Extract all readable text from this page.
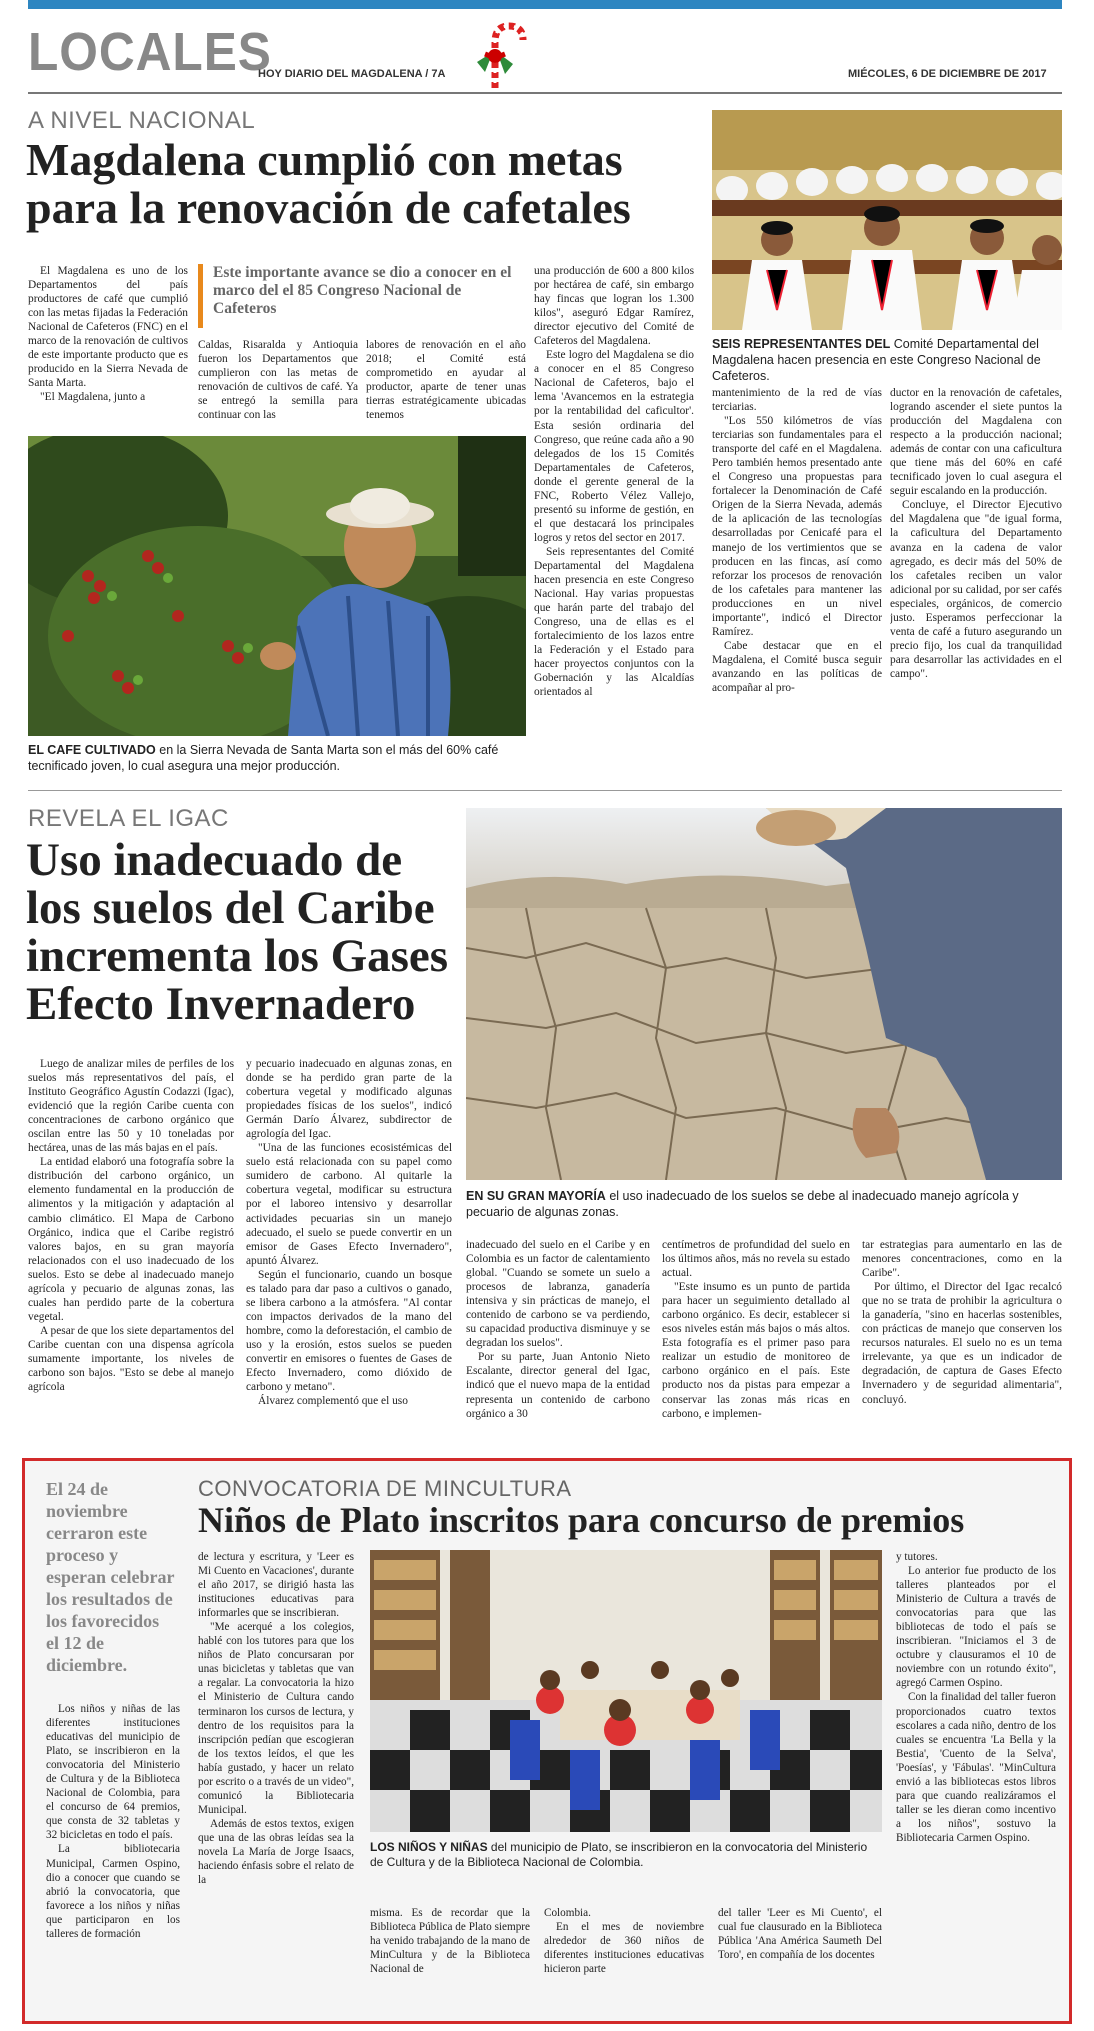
LOCALES
HOY DIARIO DEL MAGDALENA / 7A	MIÉCOLES, 6 DE DICIEMBRE DE 2017
A NIVEL NACIONAL
Magdalena cumplió con metas para la renovación de cafetales

El Magdalena es uno de los Departamentos del país productores de café que cumplió con las metas fijadas la Federación Nacional de Cafeteros (FNC) en el marco de la renovación de cultivos de este importante producto que es producido en la Sierra Nevada de Santa Marta.

"El Magdalena, junto a

Este importante avance se dio a conocer en el marco del el 85 Congreso Nacional de Cafeteros
Caldas, Risaralda y Antioquia fueron los Departamentos que cumplieron con las metas de renovación de cultivos de café. Ya se entregó la semilla para continuar con las
labores de renovación en el año 2018; el Comité está comprometido en ayudar al productor, aparte de tener unas tierras estratégicamente ubicadas tenemos

una producción de 600 a 800 kilos por hectárea de café, sin embargo hay fincas que logran los 1.300 kilos", aseguró Edgar Ramírez, director ejecutivo del Comité de Cafeteros del Magdalena.

Este logro del Magdalena se dio a conocer en el 85 Congreso Nacional de Cafeteros, bajo el lema 'Avancemos en la estrategia por la rentabilidad del caficultor'. Esta sesión ordinaria del Congreso, que reúne cada año a 90 delegados de los 15 Comités Departamentales de Cafeteros, donde el gerente general de la FNC, Roberto Vélez Vallejo, presentó su informe de gestión, en el que destacará los principales logros y retos del sector en 2017.

Seis representantes del Comité Departamental del Magdalena hacen presencia en este Congreso Nacional. Hay varias propuestas que harán parte del trabajo del Congreso, una de ellas es el fortalecimiento de los lazos entre la Federación y el Estado para hacer proyectos conjuntos con la Gobernación y las Alcaldías orientados al

EL CAFE CULTIVADO en la Sierra Nevada de Santa Marta son el más del 60% café tecnificado joven, lo cual asegura una mejor producción.
SEIS REPRESENTANTES DEL Comité Departamental del Magdalena hacen presencia en este Congreso Nacional de Cafeteros.

mantenimiento de la red de vías terciarias.

"Los 550 kilómetros de vías terciarias son fundamentales para el transporte del café en el Magdalena. Pero también hemos presentado ante el Congreso una propuestas para fortalecer la Denominación de Café Origen de la Sierra Nevada, además de la aplicación de las tecnologías desarrolladas por Cenicafé para el manejo de los vertimientos que se producen en las fincas, así como reforzar los procesos de renovación de los cafetales para mantener las producciones en un nivel importante", indicó el Director Ramírez.

Cabe destacar que en el Magdalena, el Comité busca seguir avanzando en las políticas de acompañar al pro-

ductor en la renovación de cafetales, logrando ascender el siete puntos la producción del Magdalena con respecto a la producción nacional; además de contar con una caficultura que tiene más del 60% en café tecnificado joven lo cual asegura el seguir escalando en la producción.

Concluye, el Director Ejecutivo del Magdalena que "de igual forma, la caficultura del Departamento avanza en la cadena de valor agregado, es decir más del 50% de los cafetales reciben un valor adicional por su calidad, por ser cafés especiales, orgánicos, de comercio justo. Esperamos perfeccionar la venta de café a futuro asegurando un precio fijo, los cual da tranquilidad para desarrollar las actividades en el campo".

REVELA EL IGAC
Uso inadecuado de los suelos del Caribe incrementa los Gases Efecto Invernadero
EN SU GRAN MAYORÍA el uso inadecuado de los suelos se debe al inadecuado manejo agrícola y pecuario de algunas zonas.

Luego de analizar miles de perfiles de los suelos más representativos del país, el Instituto Geográfico Agustín Codazzi (Igac), evidenció que la región Caribe cuenta con concentraciones de carbono orgánico que oscilan entre las 50 y 10 toneladas por hectárea, unas de las más bajas en el país.

La entidad elaboró una fotografía sobre la distribución del carbono orgánico, un elemento fundamental en la producción de alimentos y la mitigación y adaptación al cambio climático. El Mapa de Carbono Orgánico, indica que el Caribe registró valores bajos, en su gran mayoría relacionados con el uso inadecuado de los suelos. Esto se debe al inadecuado manejo agrícola y pecuario de algunas zonas, las cuales han perdido parte de la cobertura vegetal.

A pesar de que los siete departamentos del Caribe cuentan con una dispensa agrícola sumamente importante, los niveles de carbono son bajos. "Esto se debe al manejo agrícola

y pecuario inadecuado en algunas zonas, en donde se ha perdido gran parte de la cobertura vegetal y modificado algunas propiedades físicas de los suelos", indicó Germán Darío Álvarez, subdirector de agrología del Igac.

"Una de las funciones ecosistémicas del suelo está relacionada con su papel como sumidero de carbono. Al quitarle la cobertura vegetal, modificar su estructura por el laboreo intensivo y desarrollar actividades pecuarias sin un manejo adecuado, el suelo se puede convertir en un emisor de Gases Efecto Invernadero", apuntó Álvarez.

Según el funcionario, cuando un bosque es talado para dar paso a cultivos o ganado, se libera carbono a la atmósfera. "Al contar con impactos derivados de la mano del hombre, como la deforestación, el cambio de uso y la erosión, estos suelos se pueden convertir en emisores o fuentes de Gases de Efecto Invernadero, como dióxido de carbono y metano".

Álvarez complementó que el uso

inadecuado del suelo en el Caribe y en Colombia es un factor de calentamiento global. "Cuando se somete un suelo a procesos de labranza, ganadería intensiva y sin prácticas de manejo, el contenido de carbono se va perdiendo, su capacidad productiva disminuye y se degradan los suelos".

Por su parte, Juan Antonio Nieto Escalante, director general del Igac, indicó que el nuevo mapa de la entidad representa un contenido de carbono orgánico a 30

centímetros de profundidad del suelo en los últimos años, más no revela su estado actual.

"Este insumo es un punto de partida para hacer un seguimiento detallado al carbono orgánico. Es decir, establecer si esos niveles están más bajos o más altos. Esta fotografía es el primer paso para realizar un estudio de monitoreo de carbono orgánico en el país. Este producto nos da pistas para empezar a conservar las zonas más ricas en carbono, e implemen-

tar estrategias para aumentarlo en las de menores concentraciones, como en la Caribe".

Por último, el Director del Igac recalcó que no se trata de prohibir la agricultura o la ganadería, "sino en hacerlas sostenibles, con prácticas de manejo que conserven los recursos naturales. El suelo no es un tema irrelevante, ya que es un indicador de degradación, de captura de Gases Efecto Invernadero y de seguridad alimentaria", concluyó.

El 24 de noviembre cerraron este proceso y esperan celebrar los resultados de los favorecidos el 12 de diciembre.
CONVOCATORIA DE MINCULTURA
Niños de Plato inscritos para concurso de premios

Los niños y niñas de las diferentes instituciones educativas del municipio de Plato, se inscribieron en la convocatoria del Ministerio de Cultura y de la Biblioteca Nacional de Colombia, para el concurso de 64 premios, que consta de 32 tabletas y 32 bicicletas en todo el país.

La bibliotecaria Municipal, Carmen Ospino, dio a conocer que cuando se abrió la convocatoria, que favorece a los niños y niñas que participaron en los talleres de formación

de lectura y escritura, y 'Leer es Mi Cuento en Vacaciones', durante el año 2017, se dirigió hasta las instituciones educativas para informarles que se inscribieran.

"Me acerqué a los colegios, hablé con los tutores para que los niños de Plato concursaran por unas bicicletas y tabletas que van a regalar. La convocatoria la hizo el Ministerio de Cultura cando terminaron los cursos de lectura, y dentro de los requisitos para la inscripción pedían que escogieran de los textos leídos, el que les había gustado, y hacer un relato por escrito o a través de un video", comunicó la Bibliotecaria Municipal.

Además de estos textos, exigen que una de las obras leídas sea la novela La María de Jorge Isaacs, haciendo énfasis sobre el relato de la

LOS NIÑOS Y NIÑAS del municipio de Plato, se inscribieron en la convocatoria del Ministerio de Cultura y de la Biblioteca Nacional de Colombia.
misma. Es de recordar que la Biblioteca Pública de Plato siempre ha venido trabajando de la mano de MinCultura y de la Biblioteca Nacional de

Colombia.

En el mes de noviembre alrededor de 360 niños de diferentes instituciones educativas hicieron parte

del taller 'Leer es Mi Cuento', el cual fue clausurado en la Biblioteca Pública 'Ana América Saumeth Del Toro', en compañía de los docentes

y tutores.

Lo anterior fue producto de los talleres planteados por el Ministerio de Cultura a través de convocatorias para que las bibliotecas de todo el país se inscribieran. "Iniciamos el 3 de octubre y clausuramos el 10 de noviembre con un rotundo éxito", agregó Carmen Ospino.

Con la finalidad del taller fueron proporcionados cuatro textos escolares a cada niño, dentro de los cuales se encuentra 'La Bella y la Bestia', 'Cuento de la Selva', 'Poesías', y 'Fábulas'. "MinCultura envió a las bibliotecas estos libros para que cuando realizáramos el taller se les dieran como incentivo a los niños", sostuvo la Bibliotecaria Carmen Ospino.
